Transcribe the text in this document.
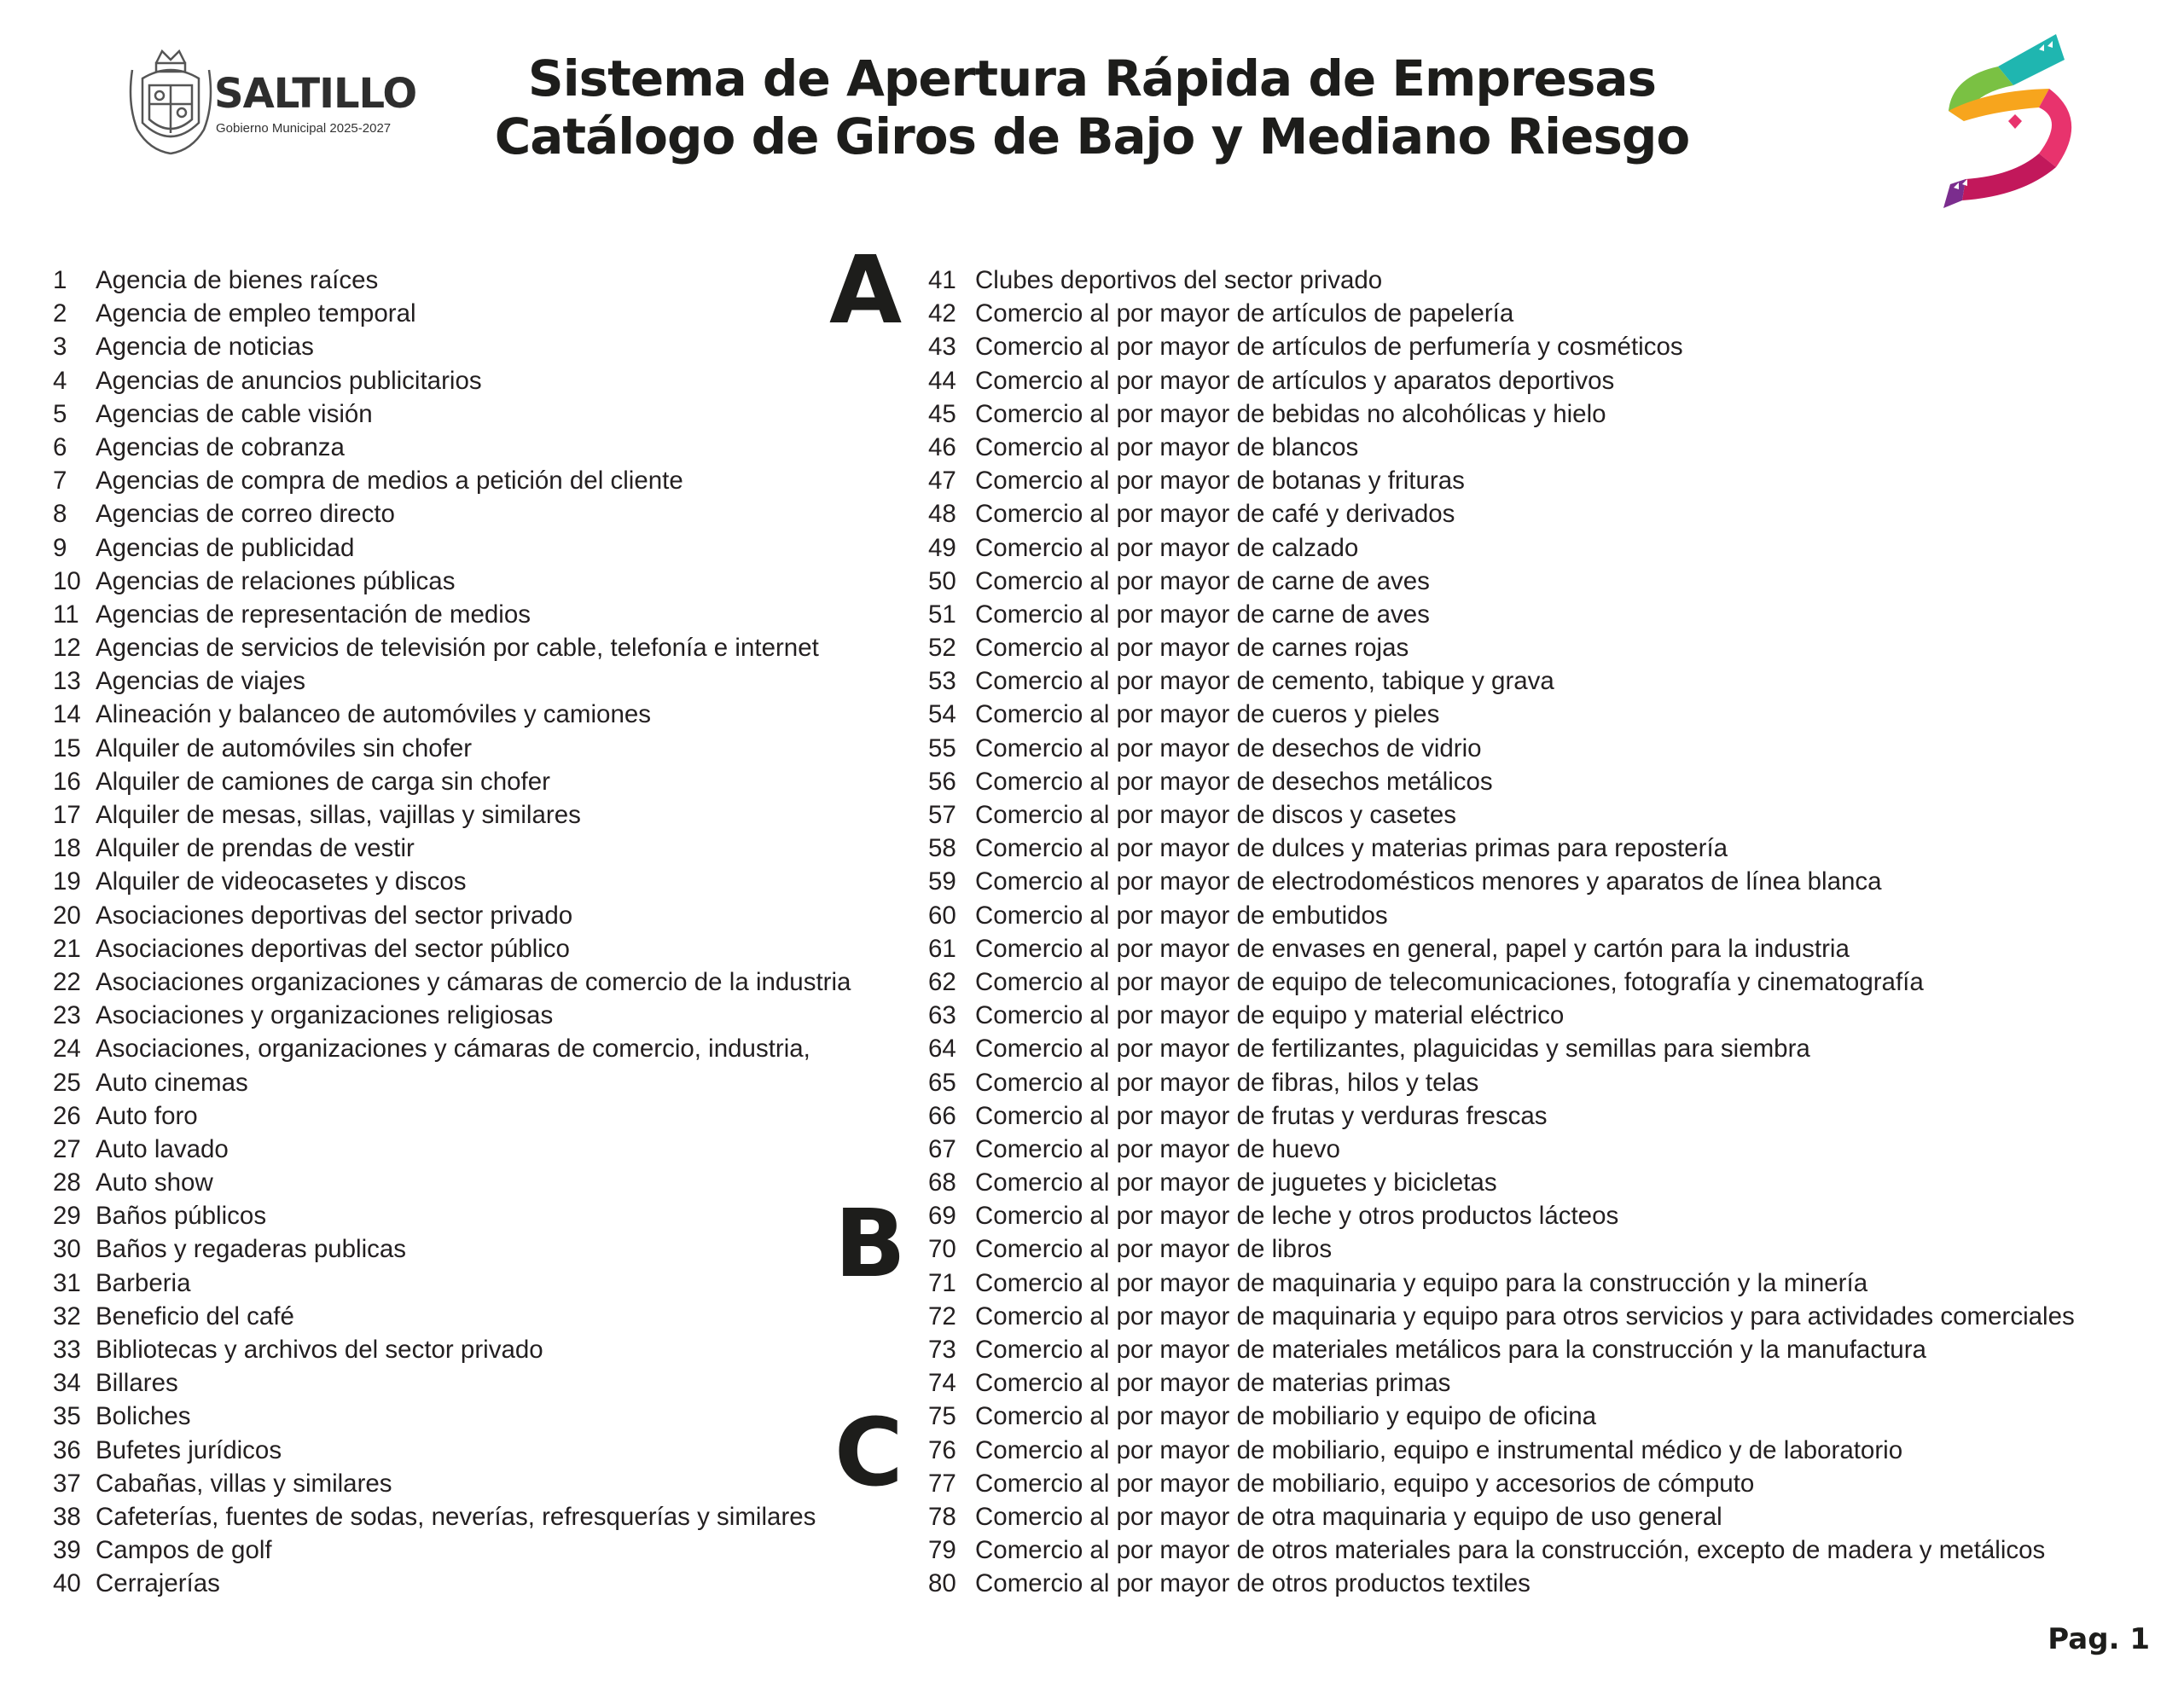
SALTILLO
Gobierno Municipal 2025-2027
Sistema de Apertura Rápida de Empresas
Catálogo de Giros de Bajo y Mediano Riesgo
A
B
C
1 Agencia de bienes raíces
2 Agencia de empleo temporal
3 Agencia de noticias
4 Agencias de anuncios publicitarios
5 Agencias de cable visión
6 Agencias de cobranza
7 Agencias de compra de medios a petición del cliente
8 Agencias de correo directo
9 Agencias de publicidad
10 Agencias de relaciones públicas
11 Agencias de representación de medios
12 Agencias de servicios de televisión por cable, telefonía e internet
13 Agencias de viajes
14 Alineación y balanceo de automóviles y camiones
15 Alquiler de automóviles sin chofer
16 Alquiler de camiones de carga sin chofer
17 Alquiler de mesas, sillas, vajillas y similares
18 Alquiler de prendas de vestir
19 Alquiler de videocasetes y discos
20 Asociaciones deportivas del sector privado
21 Asociaciones deportivas del sector público
22 Asociaciones organizaciones y cámaras de comercio de la industria
23 Asociaciones y organizaciones religiosas
24 Asociaciones, organizaciones y cámaras de comercio, industria,
25 Auto cinemas
26 Auto foro
27 Auto lavado
28 Auto show
29 Baños públicos
30 Baños y regaderas publicas
31 Barberia
32 Beneficio del café
33 Bibliotecas y archivos del sector privado
34 Billares
35 Boliches
36 Bufetes jurídicos
37 Cabañas, villas y similares
38 Cafeterías, fuentes de sodas, neverías, refresquerías y similares
39 Campos de golf
40 Cerrajerías
41 Clubes deportivos del sector privado
42 Comercio al por mayor de artículos de papelería
43 Comercio al por mayor de artículos de perfumería y cosméticos
44 Comercio al por mayor de artículos y aparatos deportivos
45 Comercio al por mayor de bebidas no alcohólicas y hielo
46 Comercio al por mayor de blancos
47 Comercio al por mayor de botanas y frituras
48 Comercio al por mayor de café y derivados
49 Comercio al por mayor de calzado
50 Comercio al por mayor de carne de aves
51 Comercio al por mayor de carne de aves
52 Comercio al por mayor de carnes rojas
53 Comercio al por mayor de cemento, tabique y grava
54 Comercio al por mayor de cueros y pieles
55 Comercio al por mayor de desechos de vidrio
56 Comercio al por mayor de desechos metálicos
57 Comercio al por mayor de discos y casetes
58 Comercio al por mayor de dulces y materias primas para repostería
59 Comercio al por mayor de electrodomésticos menores y aparatos de línea blanca
60 Comercio al por mayor de embutidos
61 Comercio al por mayor de envases en general, papel y cartón para la industria
62 Comercio al por mayor de equipo de telecomunicaciones, fotografía y cinematografía
63 Comercio al por mayor de equipo y material eléctrico
64 Comercio al por mayor de fertilizantes, plaguicidas y semillas para siembra
65 Comercio al por mayor de fibras, hilos y telas
66 Comercio al por mayor de frutas y verduras frescas
67 Comercio al por mayor de huevo
68 Comercio al por mayor de juguetes y bicicletas
69 Comercio al por mayor de leche y otros productos lácteos
70 Comercio al por mayor de libros
71 Comercio al por mayor de maquinaria y equipo para la construcción y la minería
72 Comercio al por mayor de maquinaria y equipo para otros servicios y para actividades comerciales
73 Comercio al por mayor de materiales metálicos para la construcción y la manufactura
74 Comercio al por mayor de materias primas
75 Comercio al por mayor de mobiliario y equipo de oficina
76 Comercio al por mayor de mobiliario, equipo e instrumental médico y de laboratorio
77 Comercio al por mayor de mobiliario, equipo y accesorios de cómputo
78 Comercio al por mayor de otra maquinaria y equipo de uso general
79 Comercio al por mayor de otros materiales para la construcción, excepto de madera y metálicos
80 Comercio al por mayor de otros productos textiles
Pag. 1
